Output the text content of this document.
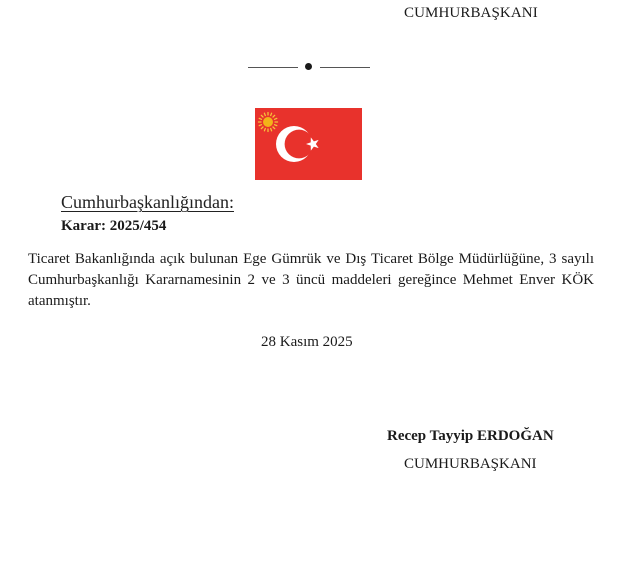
CUMHURBAŞKANI
Cumhurbaşkanlığından:
Karar: 2025/454
Ticaret Bakanlığında açık bulunan Ege Gümrük ve Dış Ticaret Bölge Müdürlüğüne, 3 sayılı Cumhurbaşkanlığı Kararnamesinin 2 ve 3 üncü maddeleri gereğince Mehmet Enver KÖK atanmıştır.
28 Kasım 2025
Recep Tayyip ERDOĞAN
CUMHURBAŞKANI
